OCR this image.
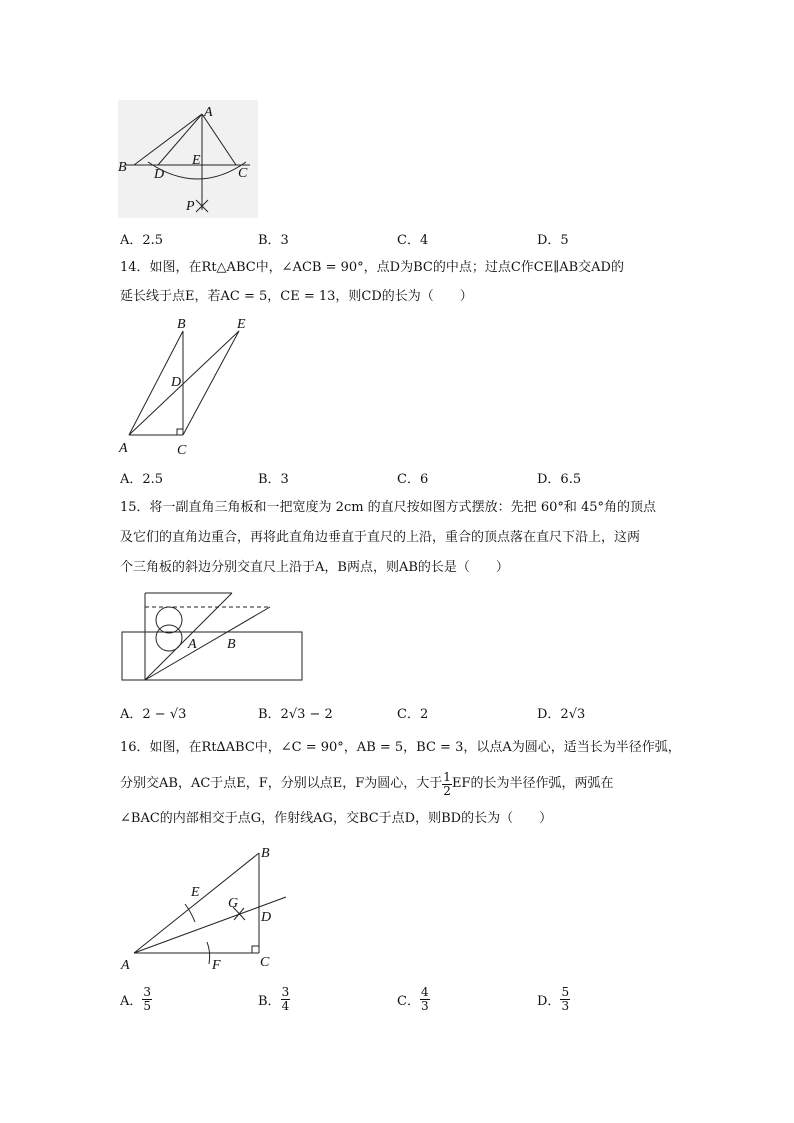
A
B D
E
C
P
A．2.5	B．3	C．4	D．5
14．如图，在Rt△ABC中，∠ACB = 90°，点D为BC的中点；过点C作CE∥AB交AD的
延长线于点E，若AC = 5，CE = 13，则CD的长为（　　）
B	E
D
A	C
A．2.5	B．3	C．6	D．6.5
15．将一副直角三角板和一把宽度为 2cm 的直尺按如图方式摆放：先把 60°和 45°角的顶点
及它们的直角边重合，再将此直角边垂直于直尺的上沿，重合的顶点落在直尺下沿上，这两
个三角板的斜边分别交直尺上沿于A，B两点，则AB的长是（　　）
A B
A．2 − √3	B．2√3 − 2	C．2	D．2√3
16．如图，在Rt∆ABC中，∠C = 90°，AB = 5，BC = 3，以点A为圆心，适当长为半径作弧，
分别交AB，AC于点E，F，分别以点E，F为圆心，大于 $\frac{1}{2}$ EF的长为半径作弧，两弧在
∠BAC的内部相交于点G，作射线AG，交BC于点D，则BD的长为（　　）
B
E
G
D
A	F	C
A． $\frac{3}{5}$	B． $\frac{3}{4}$	C． $\frac{4}{3}$	D． $\frac{5}{3}$
